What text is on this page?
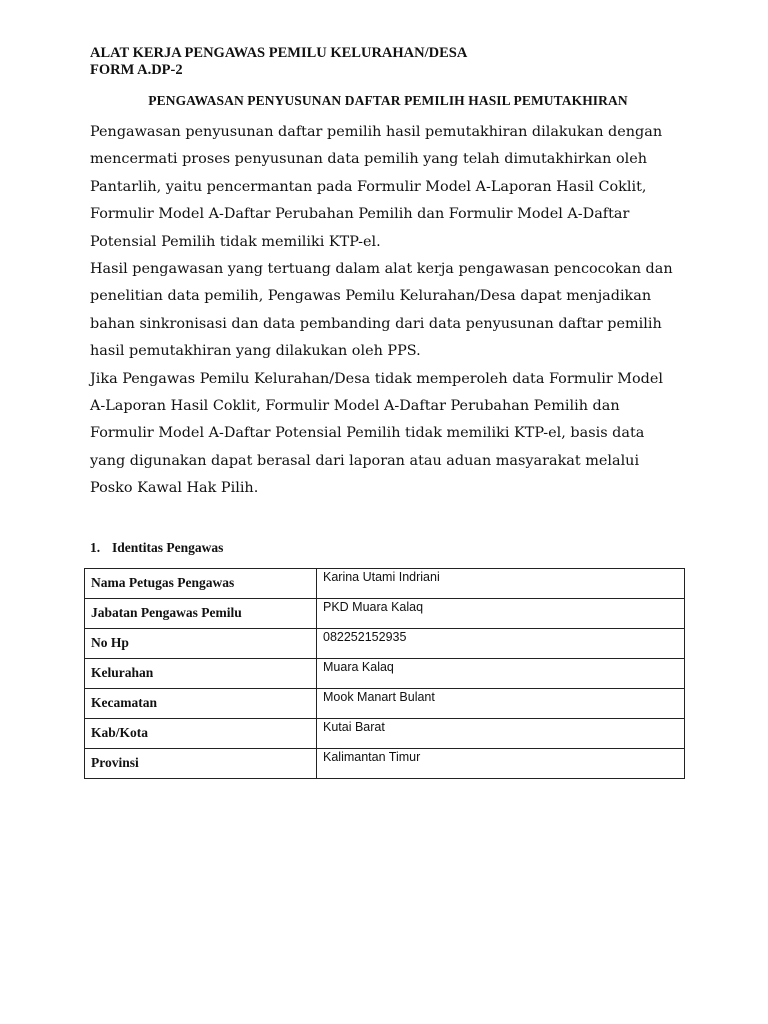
ALAT KERJA PENGAWAS PEMILU KELURAHAN/DESA
FORM A.DP-2
PENGAWASAN PENYUSUNAN DAFTAR PEMILIH HASIL PEMUTAKHIRAN

Pengawasan penyusunan daftar pemilih hasil pemutakhiran dilakukan dengan
mencermati proses penyusunan data pemilih yang telah dimutakhirkan oleh
Pantarlih, yaitu pencermantan pada Formulir Model A-Laporan Hasil Coklit,
Formulir Model A-Daftar Perubahan Pemilih dan Formulir Model A-Daftar
Potensial Pemilih tidak memiliki KTP-el.

Hasil pengawasan yang tertuang dalam alat kerja pengawasan pencocokan dan
penelitian data pemilih, Pengawas Pemilu Kelurahan/Desa dapat menjadikan
bahan sinkronisasi dan data pembanding dari data penyusunan daftar pemilih
hasil pemutakhiran yang dilakukan oleh PPS.

Jika Pengawas Pemilu Kelurahan/Desa tidak memperoleh data Formulir Model
A-Laporan Hasil Coklit, Formulir Model A-Daftar Perubahan Pemilih dan
Formulir Model A-Daftar Potensial Pemilih tidak memiliki KTP-el, basis data
yang digunakan dapat berasal dari laporan atau aduan masyarakat melalui
Posko Kawal Hak Pilih.

1. Identitas Pengawas
Nama Petugas Pengawas	Karina Utami Indriani
Jabatan Pengawas Pemilu	PKD Muara Kalaq
No Hp	082252152935
Kelurahan	Muara Kalaq
Kecamatan	Mook Manart Bulant
Kab/Kota	Kutai Barat
Provinsi	Kalimantan Timur
